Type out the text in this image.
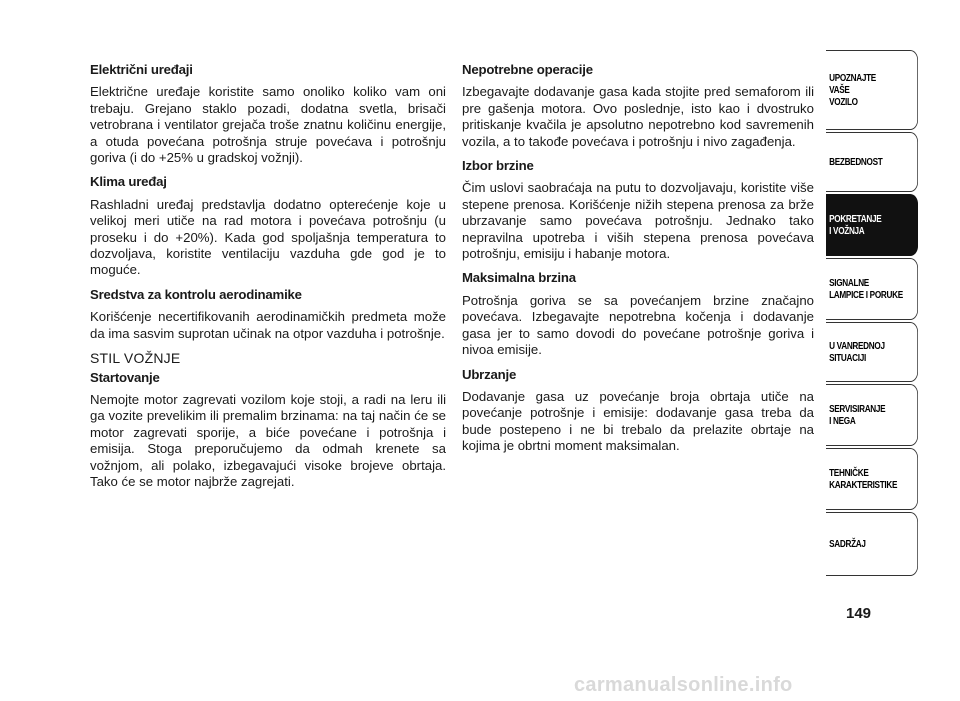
Električni uređaji

Električne uređaje koristite samo onoliko koliko vam oni trebaju. Grejano staklo pozadi, dodatna svetla, brisači vetrobrana i ventilator grejača troše znatnu količinu energije, a otuda povećana potrošnja struje povećava i potrošnju goriva (i do +25% u gradskoj vožnji).

Klima uređaj

Rashladni uređaj predstavlja dodatno opterećenje koje u velikoj meri utiče na rad motora i povećava potrošnju (u proseku i do +20%). Kada god spoljašnja temperatura to dozvoljava, koristite ventilaciju vazduha gde god je to moguće.

Sredstva za kontrolu aerodinamike

Korišćenje necertifikovanih aerodinamičkih predmeta može da ima sasvim suprotan učinak na otpor vazduha i potrošnje.

STIL VOŽNJE

Startovanje

Nemojte motor zagrevati vozilom koje stoji, a radi na leru ili ga vozite prevelikim ili premalim brzinama: na taj način će se motor zagrevati sporije, a biće povećane i potrošnja i emisija. Stoga preporučujemo da odmah krenete sa vožnjom, ali polako, izbegavajući visoke brojeve obrtaja. Tako će se motor najbrže zagrejati.

Nepotrebne operacije

Izbegavajte dodavanje gasa kada stojite pred semaforom ili pre gašenja motora. Ovo poslednje, isto kao i dvostruko pritiskanje kvačila je apsolutno nepotrebno kod savremenih vozila, a to takođe povećava i potrošnju i nivo zagađenja.

Izbor brzine

Čim uslovi saobraćaja na putu to dozvoljavaju, koristite više stepene prenosa. Korišćenje nižih stepena prenosa za brže ubrzavanje samo povećava potrošnju. Jednako tako nepravilna upotreba i viših stepena prenosa povećava potrošnju, emisiju i habanje motora.

Maksimalna brzina

Potrošnja goriva se sa povećanjem brzine značajno povećava. Izbegavajte nepotrebna kočenja i dodavanje gasa jer to samo dovodi do povećane potrošnje goriva i nivoa emisije.

Ubrzanje

Dodavanje gasa uz povećanje broja obrtaja utiče na povećanje potrošnje i emisije: dodavanje gasa treba da bude postepeno i ne bi trebalo da prelazite obrtaje na kojima je obrtni moment maksimalan.

UPOZNAJTE
VAŠE
VOZILO
BEZBEDNOST
POKRETANJE
I VOŽNJA
SIGNALNE
LAMPICE I PORUKE
U VANREDNOJ
SITUACIJI
SERVISIRANJE
I NEGA
TEHNIČKE
KARAKTERISTIKE
SADRŽAJ
149
carmanualsonline.info
